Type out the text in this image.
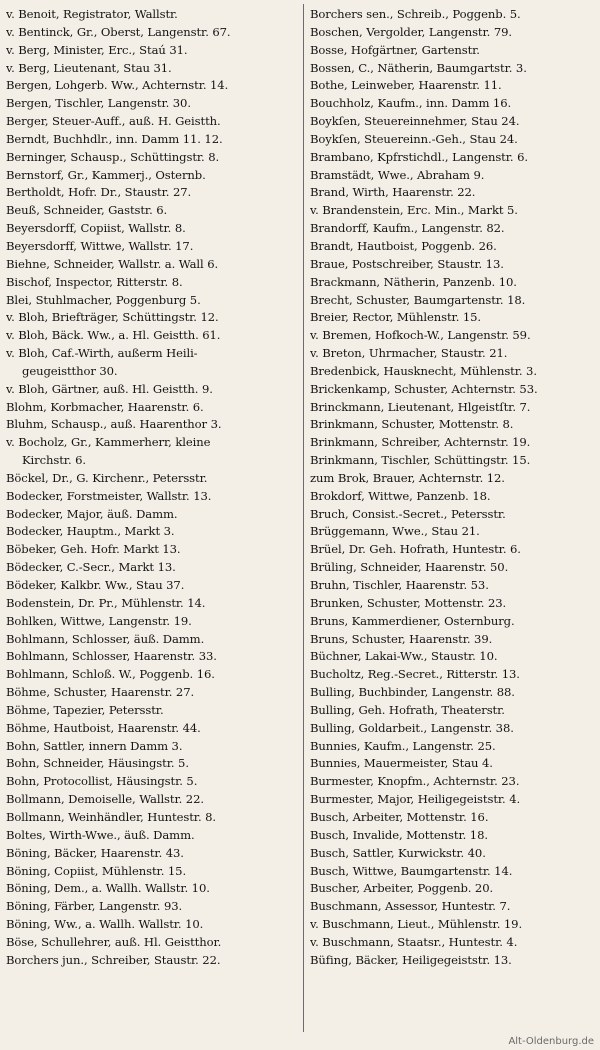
v. Benoit, Registrator, Wallstr.
v. Bentinck, Gr., Oberst, Langenstr. 67.
v. Berg, Minister, Erc., Staú 31.
v. Berg, Lieutenant, Stau 31.
Bergen, Lohgerb. Ww., Achternstr. 14.
Bergen, Tischler, Langenstr. 30.
Berger, Steuer-Auff., auß. H. Geistth.
Berndt, Buchhdlr., inn. Damm 11. 12.
Berninger, Schausp., Schüttingstr. 8.
Bernstorf, Gr., Kammerj., Osternb.
Bertholdt, Hofr. Dr., Staustr. 27.
Beuß, Schneider, Gaststr. 6.
Beyersdorff, Copiist, Wallstr. 8.
Beyersdorff, Wittwe, Wallstr. 17.
Biehne, Schneider, Wallstr. a. Wall 6.
Bischof, Inspector, Ritterstr. 8.
Blei, Stuhlmacher, Poggenburg 5.
v. Bloh, Briefträger, Schüttingstr. 12.
v. Bloh, Bäck. Ww., a. Hl. Geistth. 61.
v. Bloh, Caf.-Wirth, außerm Heili-
geugeistthor 30.
v. Bloh, Gärtner, auß. Hl. Geistth. 9.
Blohm, Korbmacher, Haarenstr. 6.
Bluhm, Schausp., auß. Haarenthor 3.
v. Bocholz, Gr., Kammerherr, kleine
Kirchstr. 6.
Böckel, Dr., G. Kirchenr., Petersstr.
Bodecker, Forstmeister, Wallstr. 13.
Bodecker, Major, äuß. Damm.
Bodecker, Hauptm., Markt 3.
Böbeker, Geh. Hofr. Markt 13.
Bödecker, C.-Secr., Markt 13.
Bödeker, Kalkbr. Ww., Stau 37.
Bodenstein, Dr. Pr., Mühlenstr. 14.
Bohlken, Wittwe, Langenstr. 19.
Bohlmann, Schlosser, äuß. Damm.
Bohlmann, Schlosser, Haarenstr. 33.
Bohlmann, Schloß. W., Poggenb. 16.
Böhme, Schuster, Haarenstr. 27.
Böhme, Tapezier, Petersstr.
Böhme, Hautboist, Haarenstr. 44.
Bohn, Sattler, innern Damm 3.
Bohn, Schneider, Häusingstr. 5.
Bohn, Protocollist, Häusingstr. 5.
Bollmann, Demoiselle, Wallstr. 22.
Bollmann, Weinhändler, Huntestr. 8.
Boltes, Wirth-Wwe., äuß. Damm.
Böning, Bäcker, Haarenstr. 43.
Böning, Copiist, Mühlenstr. 15.
Böning, Dem., a. Wallh. Wallstr. 10.
Böning, Färber, Langenstr. 93.
Böning, Ww., a. Wallh. Wallstr. 10.
Böse, Schullehrer, auß. Hl. Geistthor.
Borchers jun., Schreiber, Staustr. 22.
Borchers sen., Schreib., Poggenb. 5.
Boschen, Vergolder, Langenstr. 79.
Bosse, Hofgärtner, Gartenstr.
Bossen, C., Nätherin, Baumgartstr. 3.
Bothe, Leinweber, Haarenstr. 11.
Bouchholz, Kaufm., inn. Damm 16.
Boykſen, Steuereinnehmer, Stau 24.
Boykſen, Steuereinn.-Geh., Stau 24.
Brambano, Kpfrstichdl., Langenstr. 6.
Bramstädt, Wwe., Abraham 9.
Brand, Wirth, Haarenstr. 22.
v. Brandenstein, Erc. Min., Markt 5.
Brandorff, Kaufm., Langenstr. 82.
Brandt, Hautboist, Poggenb. 26.
Braue, Postschreiber, Staustr. 13.
Brackmann, Nätherin, Panzenb. 10.
Brecht, Schuster, Baumgartenstr. 18.
Breier, Rector, Mühlenstr. 15.
v. Bremen, Hofkoch-W., Langenstr. 59.
v. Breton, Uhrmacher, Staustr. 21.
Bredenbick, Hausknecht, Mühlenstr. 3.
Brickenkamp, Schuster, Achternstr. 53.
Brinckmann, Lieutenant, Hlgeistſtr. 7.
Brinkmann, Schuster, Mottenstr. 8.
Brinkmann, Schreiber, Achternstr. 19.
Brinkmann, Tischler, Schüttingstr. 15.
zum Brok, Brauer, Achternstr. 12.
Brokdorf, Wittwe, Panzenb. 18.
Bruch, Consist.-Secret., Petersstr.
Brüggemann, Wwe., Stau 21.
Brüel, Dr. Geh. Hofrath, Huntestr. 6.
Brüling, Schneider, Haarenstr. 50.
Bruhn, Tischler, Haarenstr. 53.
Brunken, Schuster, Mottenstr. 23.
Bruns, Kammerdiener, Osternburg.
Bruns, Schuster, Haarenstr. 39.
Büchner, Lakai-Ww., Staustr. 10.
Bucholtz, Reg.-Secret., Ritterstr. 13.
Bulling, Buchbinder, Langenstr. 88.
Bulling, Geh. Hofrath, Theaterstr.
Bulling, Goldarbeit., Langenstr. 38.
Bunnies, Kaufm., Langenstr. 25.
Bunnies, Mauermeister, Stau 4.
Burmester, Knopfm., Achternstr. 23.
Burmester, Major, Heiligegeiststr. 4.
Busch, Arbeiter, Mottenstr. 16.
Busch, Invalide, Mottenstr. 18.
Busch, Sattler, Kurwickstr. 40.
Busch, Wittwe, Baumgartenstr. 14.
Buscher, Arbeiter, Poggenb. 20.
Buschmann, Assessor, Huntestr. 7.
v. Buschmann, Lieut., Mühlenstr. 19.
v. Buschmann, Staatsr., Huntestr. 4.
Büfing, Bäcker, Heiligegeiststr. 13.
Alt-Oldenburg.de
